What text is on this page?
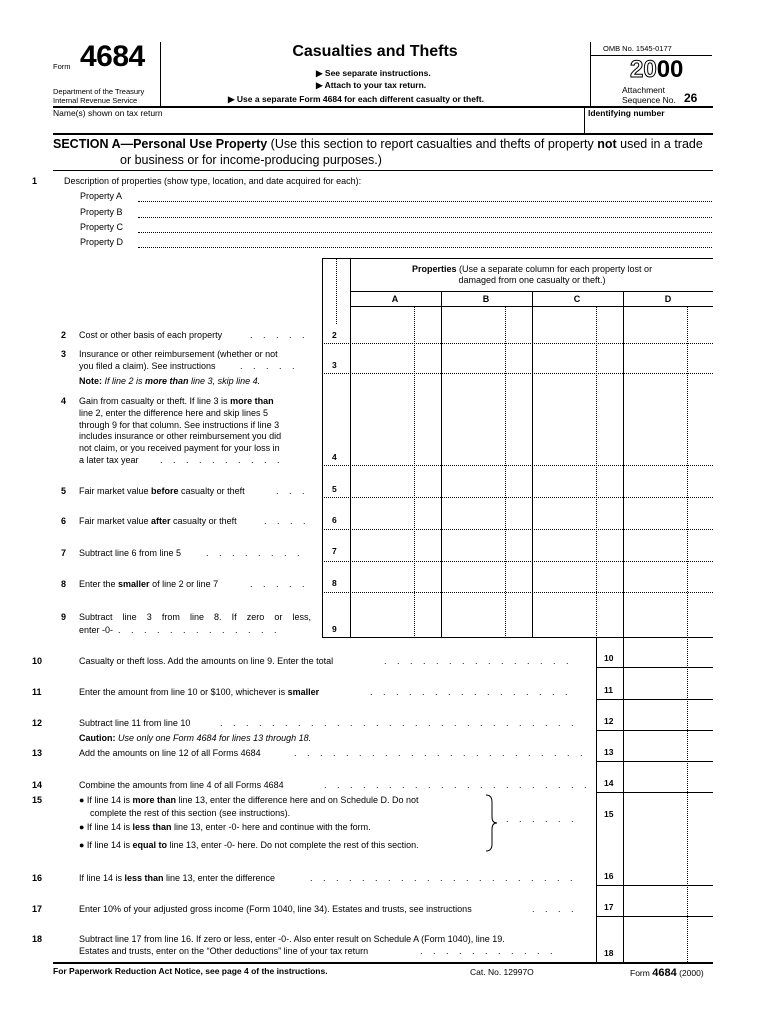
Form 4684
Department of the Treasury
Internal Revenue Service
Casualties and Thefts
▶ See separate instructions.
▶ Attach to your tax return.
▶ Use a separate Form 4684 for each different casualty or theft.
OMB No. 1545-0177
2000
Attachment
Sequence No. 26
Name(s) shown on tax return	Identifying number
SECTION A—Personal Use Property (Use this section to report casualties and thefts of property not used in a trade
or business or for income-producing purposes.)
1	Description of properties (show type, location, and date acquired for each):
Property A
Property B
Property C
Property D
Properties (Use a separate column for each property lost or
damaged from one casualty or theft.)
A	B	C	D
2
3
4
5
6
7
8
9
2 Cost or other basis of each property	. . . . .
3 Insurance or other reimbursement (whether or not
you filed a claim). See instructions	. . . . .
Note: If line 2 is more than line 3, skip line 4.
4 Gain from casualty or theft. If line 3 is more than
line 2, enter the difference here and skip lines 5
through 9 for that column. See instructions if line 3
includes insurance or other reimbursement you did
not claim, or you received payment for your loss in
a later tax year . . . . . . . . . .
5 Fair market value before casualty or theft	. . .
6 Fair market value after casualty or theft	. . . .
7 Subtract line 6 from line 5	. . . . . . . .
8 Enter the smaller of line 2 or line 7	. . . . .
9 Subtract line 3 from line 8. If zero or less,
enter -0- . . . . . . . . . . . . .
10
11
12
13
14
15
16
17
18
10	Casualty or theft loss. Add the amounts on line 9. Enter the total	. . . . . . . . . . . . . . .
11	Enter the amount from line 10 or $100, whichever is smaller	. . . . . . . . . . . . . . . .
12	Subtract line 11 from line 10	. . . . . . . . . . . . . . . . . . . . . . . . . . . .
Caution: Use only one Form 4684 for lines 13 through 18.
13	Add the amounts on line 12 of all Forms 4684	. . . . . . . . . . . . . . . . . . . . . . .
14	Combine the amounts from line 4 of all Forms 4684	. . . . . . . . . . . . . . . . . . . . .
15	● If line 14 is more than line 13, enter the difference here and on Schedule D. Do not
complete the rest of this section (see instructions).
● If line 14 is less than line 13, enter -0- here and continue with the form.
● If line 14 is equal to line 13, enter -0- here. Do not complete the rest of this section.
. . . . . .
16	If line 14 is less than line 13, enter the difference	. . . . . . . . . . . . . . . . . . . . .
17	Enter 10% of your adjusted gross income (Form 1040, line 34). Estates and trusts, see instructions	. . . .
18	Subtract line 17 from line 16. If zero or less, enter -0-. Also enter result on Schedule A (Form 1040), line 19.
Estates and trusts, enter on the “Other deductions” line of your tax return	. . . . . . . . . . .
For Paperwork Reduction Act Notice, see page 4 of the instructions.	Cat. No. 12997O	Form 4684 (2000)
